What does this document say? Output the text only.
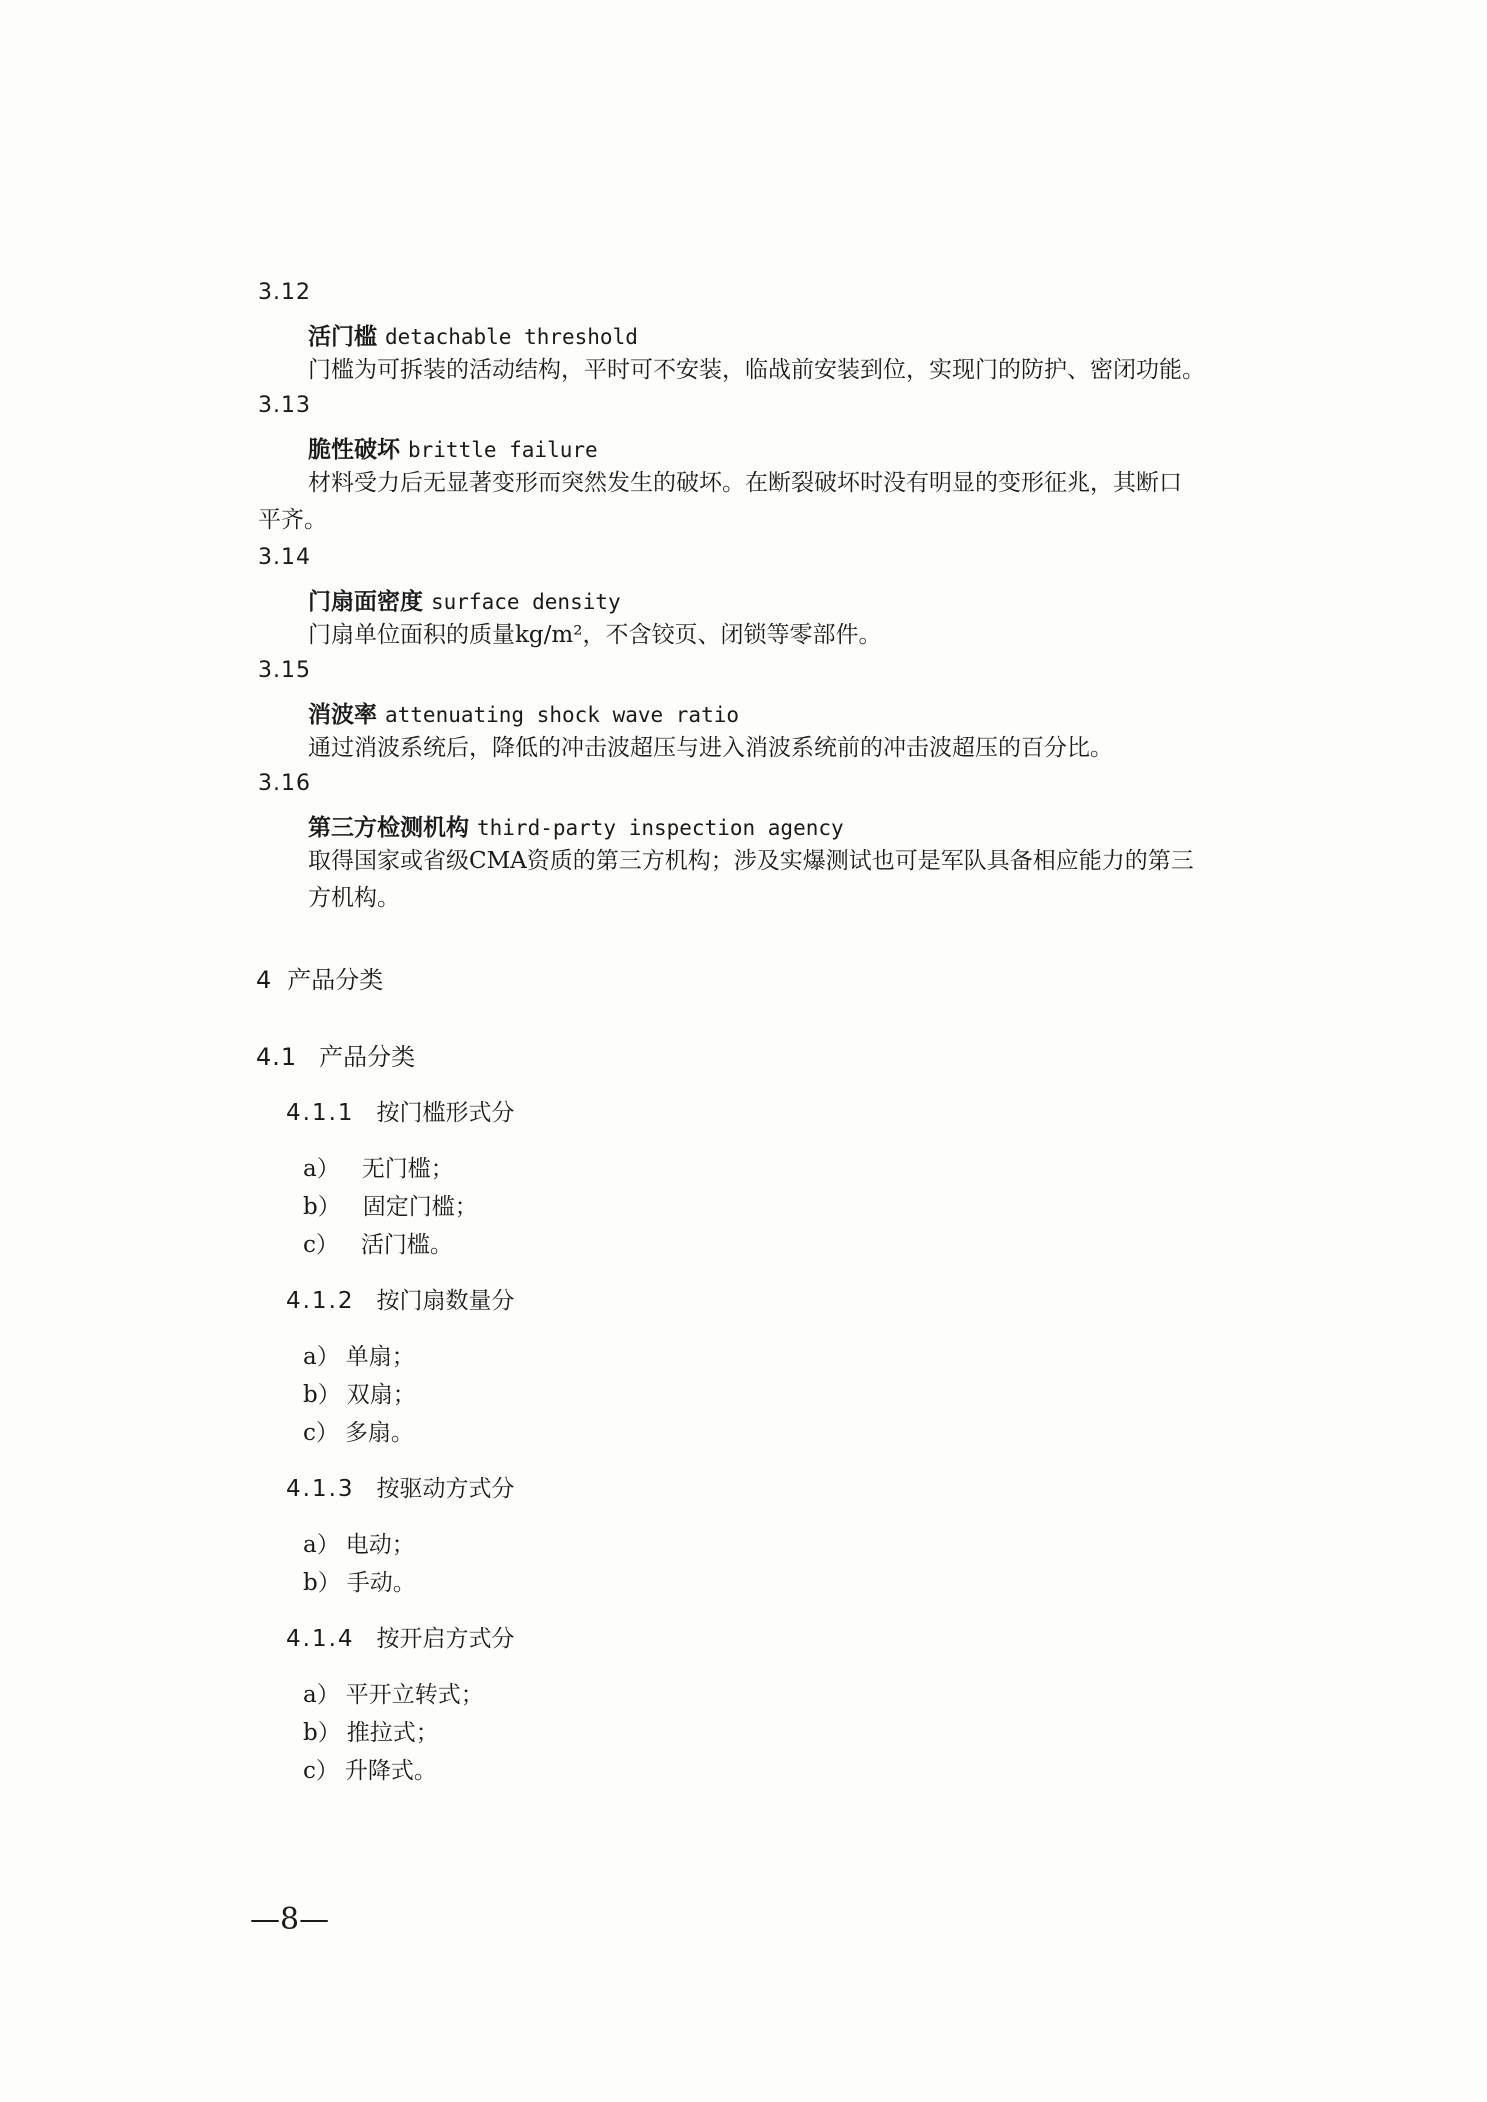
3.12
活门槛 detachable threshold
门槛为可拆装的活动结构，平时可不安装，临战前安装到位，实现门的防护、密闭功能。
3.13
脆性破坏 brittle failure
材料受力后无显著变形而突然发生的破坏。在断裂破坏时没有明显的变形征兆，其断口
平齐。
3.14
门扇面密度 surface density
门扇单位面积的质量kg/m²，不含铰页、闭锁等零部件。
3.15
消波率 attenuating shock wave ratio
通过消波系统后，降低的冲击波超压与进入消波系统前的冲击波超压的百分比。
3.16
第三方检测机构 third-party inspection agency
取得国家或省级CMA资质的第三方机构；涉及实爆测试也可是军队具备相应能力的第三
方机构。
4 产品分类
4.1 产品分类
4.1.1 按门槛形式分
a） 无门槛；
b） 固定门槛；
c） 活门槛。
4.1.2 按门扇数量分
a） 单扇；
b） 双扇；
c） 多扇。
4.1.3 按驱动方式分
a） 电动；
b） 手动。
4.1.4 按开启方式分
a） 平开立转式；
b） 推拉式；
c） 升降式。
—8—
